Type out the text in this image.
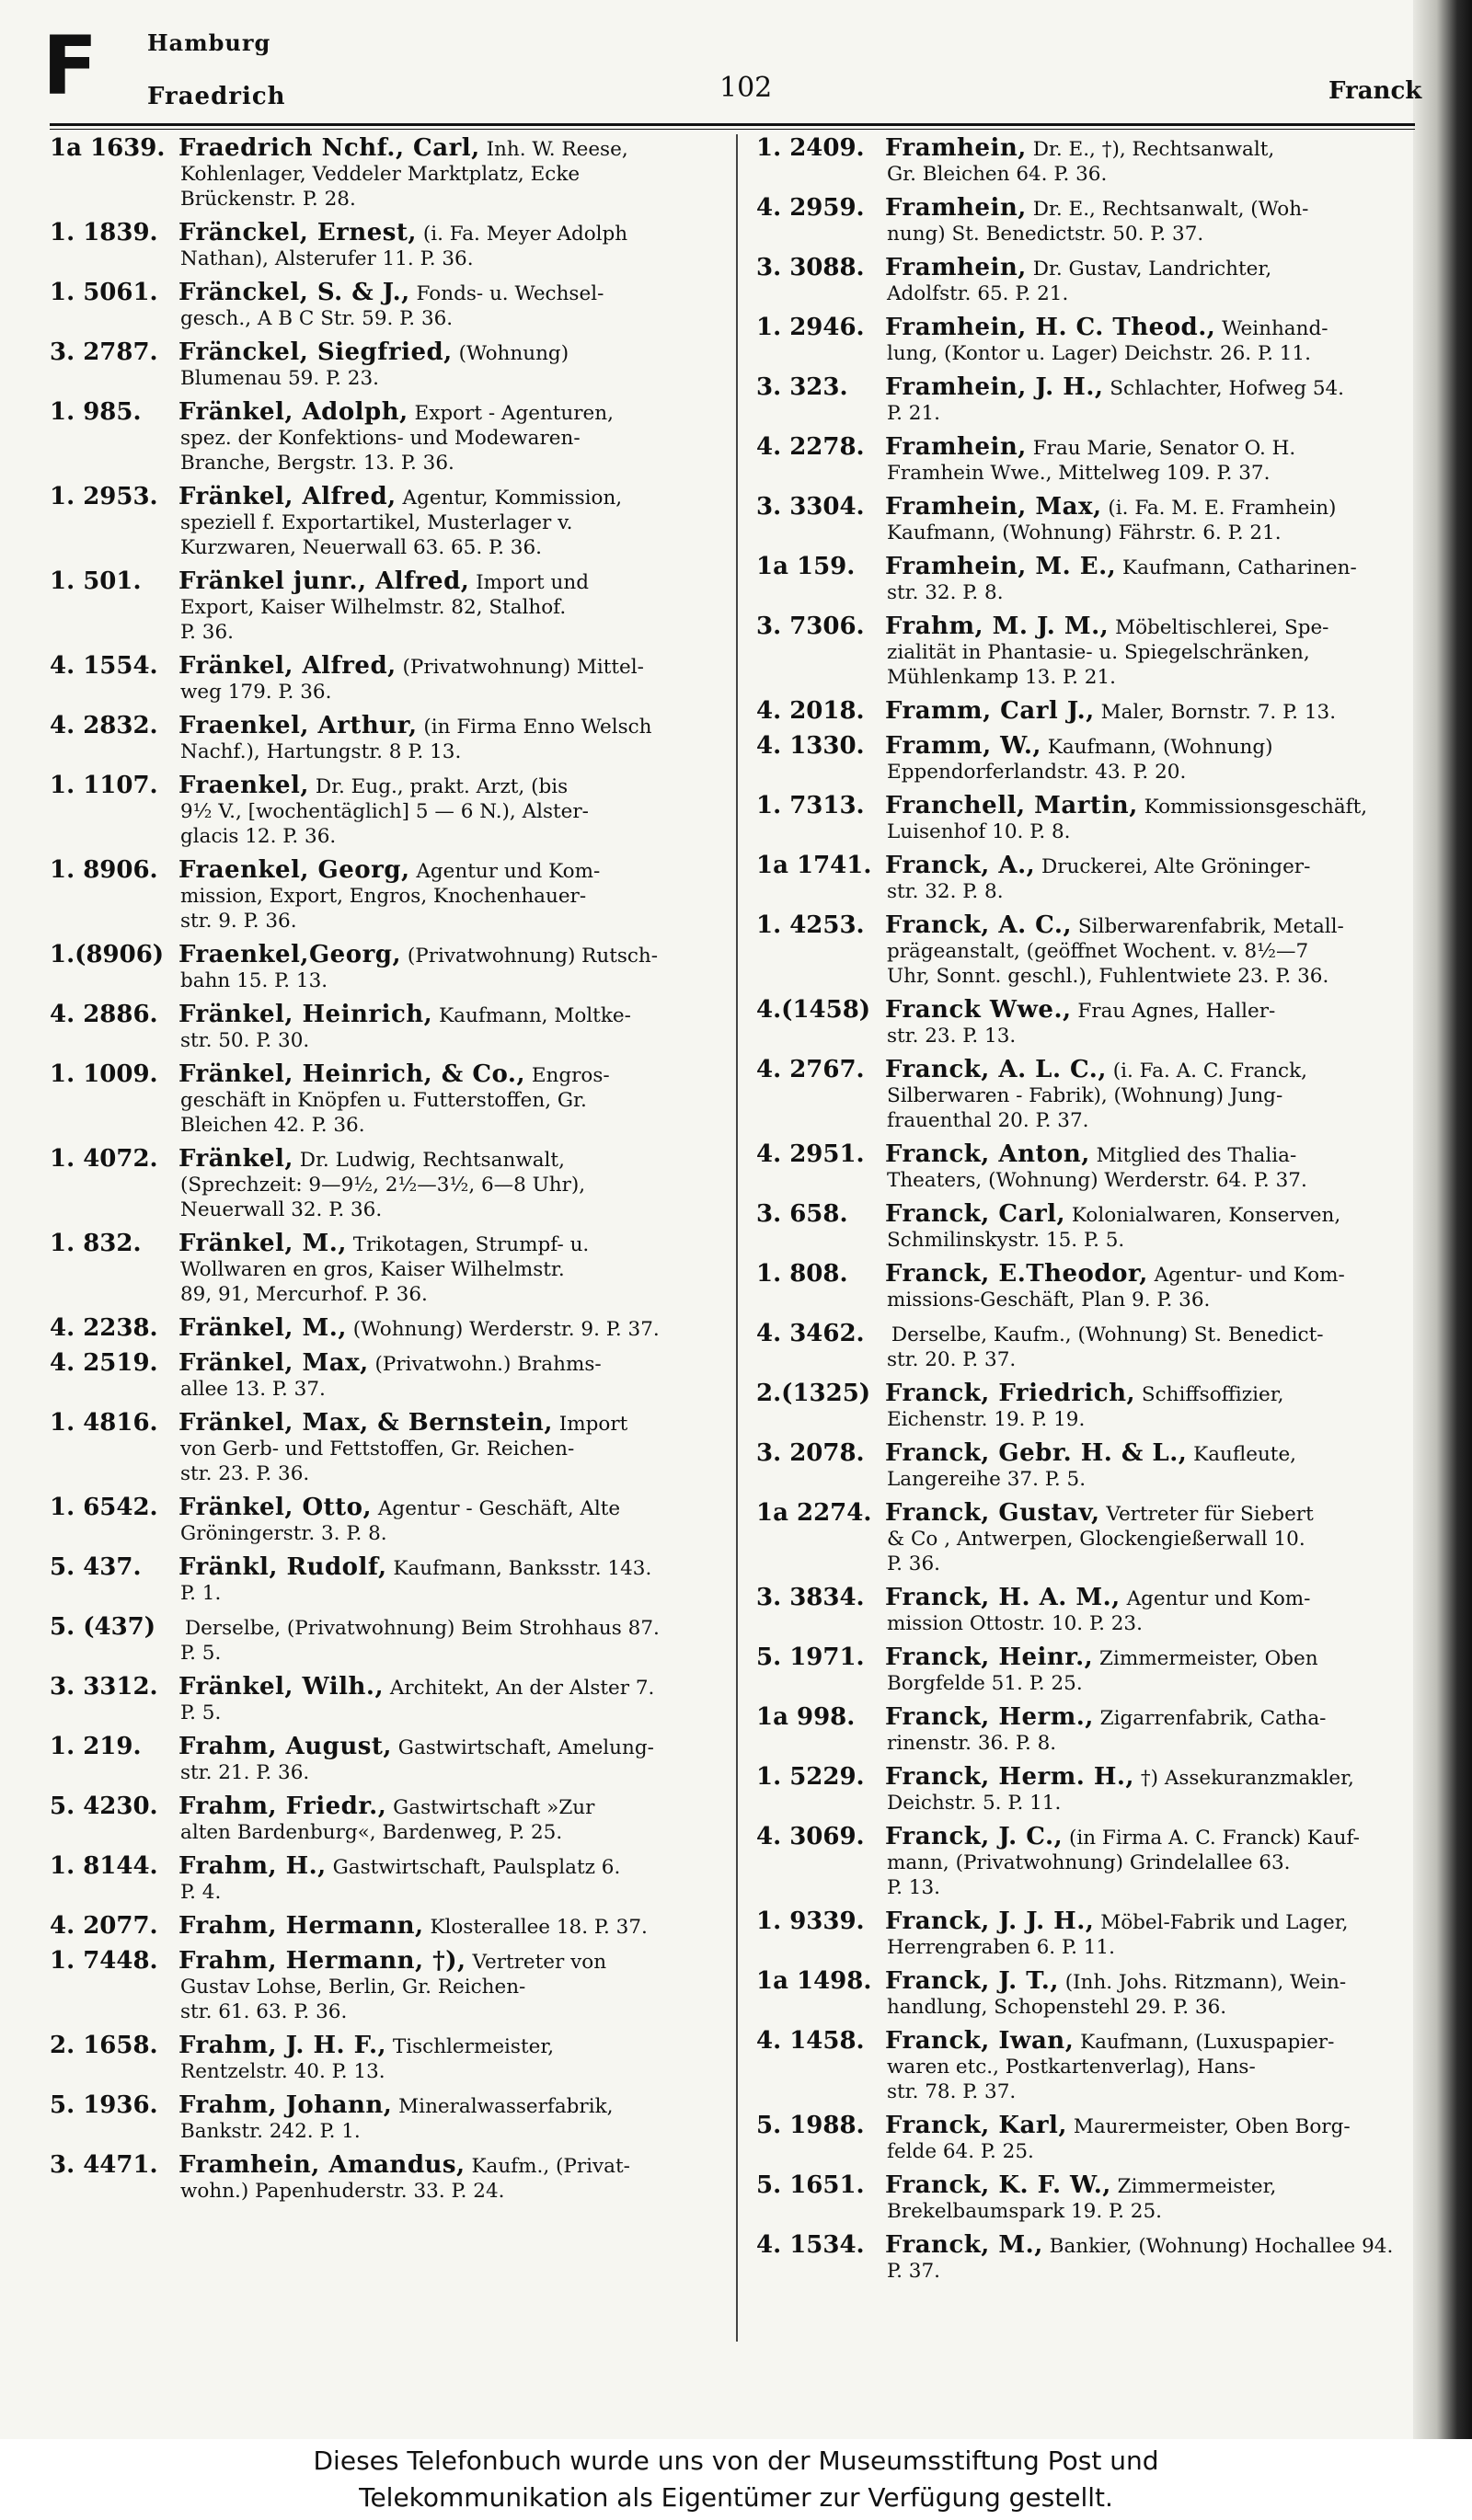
F Hamburg
Fraedrich	102	Franck
1a 1639. Fraedrich Nchf., Carl, Inh. W. Reese,
Kohlenlager, Veddeler Marktplatz, Ecke
Brückenstr. P. 28.
1. 1839. Fränckel, Ernest, (i. Fa. Meyer Adolph
Nathan), Alsterufer 11. P. 36.
1. 5061. Fränckel, S. & J., Fonds- u. Wechsel-
gesch., A B C Str. 59. P. 36.
3. 2787. Fränckel, Siegfried, (Wohnung)
Blumenau 59. P. 23.
1. 985. Fränkel, Adolph, Export - Agenturen,
spez. der Konfektions- und Modewaren-
Branche, Bergstr. 13. P. 36.
1. 2953. Fränkel, Alfred, Agentur, Kommission,
speziell f. Exportartikel, Musterlager v.
Kurzwaren, Neuerwall 63. 65. P. 36.
1. 501. Fränkel junr., Alfred, Import und
Export, Kaiser Wilhelmstr. 82, Stalhof.
P. 36.
4. 1554. Fränkel, Alfred, (Privatwohnung) Mittel-
weg 179. P. 36.
4. 2832. Fraenkel, Arthur, (in Firma Enno Welsch
Nachf.), Hartungstr. 8 P. 13.
1. 1107. Fraenkel, Dr. Eug., prakt. Arzt, (bis
9½ V., [wochentäglich] 5 — 6 N.), Alster-
glacis 12. P. 36.
1. 8906. Fraenkel, Georg, Agentur und Kom-
mission, Export, Engros, Knochenhauer-
str. 9. P. 36.
1.(8906) Fraenkel,Georg, (Privatwohnung) Rutsch-
bahn 15. P. 13.
4. 2886. Fränkel, Heinrich, Kaufmann, Moltke-
str. 50. P. 30.
1. 1009. Fränkel, Heinrich, & Co., Engros-
geschäft in Knöpfen u. Futterstoffen, Gr.
Bleichen 42. P. 36.
1. 4072. Fränkel, Dr. Ludwig, Rechtsanwalt,
(Sprechzeit: 9—9½, 2½—3½, 6—8 Uhr),
Neuerwall 32. P. 36.
1. 832. Fränkel, M., Trikotagen, Strumpf- u.
Wollwaren en gros, Kaiser Wilhelmstr.
89, 91, Mercurhof. P. 36.
4. 2238. Fränkel, M., (Wohnung) Werderstr. 9. P. 37.
4. 2519. Fränkel, Max, (Privatwohn.) Brahms-
allee 13. P. 37.
1. 4816. Fränkel, Max, & Bernstein, Import
von Gerb- und Fettstoffen, Gr. Reichen-
str. 23. P. 36.
1. 6542. Fränkel, Otto, Agentur - Geschäft, Alte
Gröningerstr. 3. P. 8.
5. 437. Fränkl, Rudolf, Kaufmann, Banksstr. 143.
P. 1.
5. (437) Derselbe, (Privatwohnung) Beim Strohhaus 87.
P. 5.
3. 3312. Fränkel, Wilh., Architekt, An der Alster 7.
P. 5.
1. 219. Frahm, August, Gastwirtschaft, Amelung-
str. 21. P. 36.
5. 4230. Frahm, Friedr., Gastwirtschaft »Zur
alten Bardenburg«, Bardenweg, P. 25.
1. 8144. Frahm, H., Gastwirtschaft, Paulsplatz 6.
P. 4.
4. 2077. Frahm, Hermann, Klosterallee 18. P. 37.
1. 7448. Frahm, Hermann, †), Vertreter von
Gustav Lohse, Berlin, Gr. Reichen-
str. 61. 63. P. 36.
2. 1658. Frahm, J. H. F., Tischlermeister,
Rentzelstr. 40. P. 13.
5. 1936. Frahm, Johann, Mineralwasserfabrik,
Bankstr. 242. P. 1.
3. 4471. Framhein, Amandus, Kaufm., (Privat-
wohn.) Papenhuderstr. 33. P. 24.
1. 2409. Framhein, Dr. E., †), Rechtsanwalt,
Gr. Bleichen 64. P. 36.
4. 2959. Framhein, Dr. E., Rechtsanwalt, (Woh-
nung) St. Benedictstr. 50. P. 37.
3. 3088. Framhein, Dr. Gustav, Landrichter,
Adolfstr. 65. P. 21.
1. 2946. Framhein, H. C. Theod., Weinhand-
lung, (Kontor u. Lager) Deichstr. 26. P. 11.
3. 323. Framhein, J. H., Schlachter, Hofweg 54.
P. 21.
4. 2278. Framhein, Frau Marie, Senator O. H.
Framhein Wwe., Mittelweg 109. P. 37.
3. 3304. Framhein, Max, (i. Fa. M. E. Framhein)
Kaufmann, (Wohnung) Fährstr. 6. P. 21.
1a 159. Framhein, M. E., Kaufmann, Catharinen-
str. 32. P. 8.
3. 7306. Frahm, M. J. M., Möbeltischlerei, Spe-
zialität in Phantasie- u. Spiegelschränken,
Mühlenkamp 13. P. 21.
4. 2018. Framm, Carl J., Maler, Bornstr. 7. P. 13.
4. 1330. Framm, W., Kaufmann, (Wohnung)
Eppendorferlandstr. 43. P. 20.
1. 7313. Franchell, Martin, Kommissionsgeschäft,
Luisenhof 10. P. 8.
1a 1741. Franck, A., Druckerei, Alte Gröninger-
str. 32. P. 8.
1. 4253. Franck, A. C., Silberwarenfabrik, Metall-
prägeanstalt, (geöffnet Wochent. v. 8½—7
Uhr, Sonnt. geschl.), Fuhlentwiete 23. P. 36.
4.(1458) Franck Wwe., Frau Agnes, Haller-
str. 23. P. 13.
4. 2767. Franck, A. L. C., (i. Fa. A. C. Franck,
Silberwaren - Fabrik), (Wohnung) Jung-
frauenthal 20. P. 37.
4. 2951. Franck, Anton, Mitglied des Thalia-
Theaters, (Wohnung) Werderstr. 64. P. 37.
3. 658. Franck, Carl, Kolonialwaren, Konserven,
Schmilinskystr. 15. P. 5.
1. 808. Franck, E.Theodor, Agentur- und Kom-
missions-Geschäft, Plan 9. P. 36.
4. 3462. Derselbe, Kaufm., (Wohnung) St. Benedict-
str. 20. P. 37.
2.(1325) Franck, Friedrich, Schiffsoffizier,
Eichenstr. 19. P. 19.
3. 2078. Franck, Gebr. H. & L., Kaufleute,
Langereihe 37. P. 5.
1a 2274. Franck, Gustav, Vertreter für Siebert
& Co , Antwerpen, Glockengießerwall 10.
P. 36.
3. 3834. Franck, H. A. M., Agentur und Kom-
mission Ottostr. 10. P. 23.
5. 1971. Franck, Heinr., Zimmermeister, Oben
Borgfelde 51. P. 25.
1a 998. Franck, Herm., Zigarrenfabrik, Catha-
rinenstr. 36. P. 8.
1. 5229. Franck, Herm. H., †) Assekuranzmakler,
Deichstr. 5. P. 11.
4. 3069. Franck, J. C., (in Firma A. C. Franck) Kauf-
mann, (Privatwohnung) Grindelallee 63.
P. 13.
1. 9339. Franck, J. J. H., Möbel-Fabrik und Lager,
Herrengraben 6. P. 11.
1a 1498. Franck, J. T., (Inh. Johs. Ritzmann), Wein-
handlung, Schopenstehl 29. P. 36.
4. 1458. Franck, Iwan, Kaufmann, (Luxuspapier-
waren etc., Postkartenverlag), Hans-
str. 78. P. 37.
5. 1988. Franck, Karl, Maurermeister, Oben Borg-
felde 64. P. 25.
5. 1651. Franck, K. F. W., Zimmermeister,
Brekelbaumspark 19. P. 25.
4. 1534. Franck, M., Bankier, (Wohnung) Hochallee 94.
P. 37.
Dieses Telefonbuch wurde uns von der Museumsstiftung Post und
Telekommunikation als Eigentümer zur Verfügung gestellt.
